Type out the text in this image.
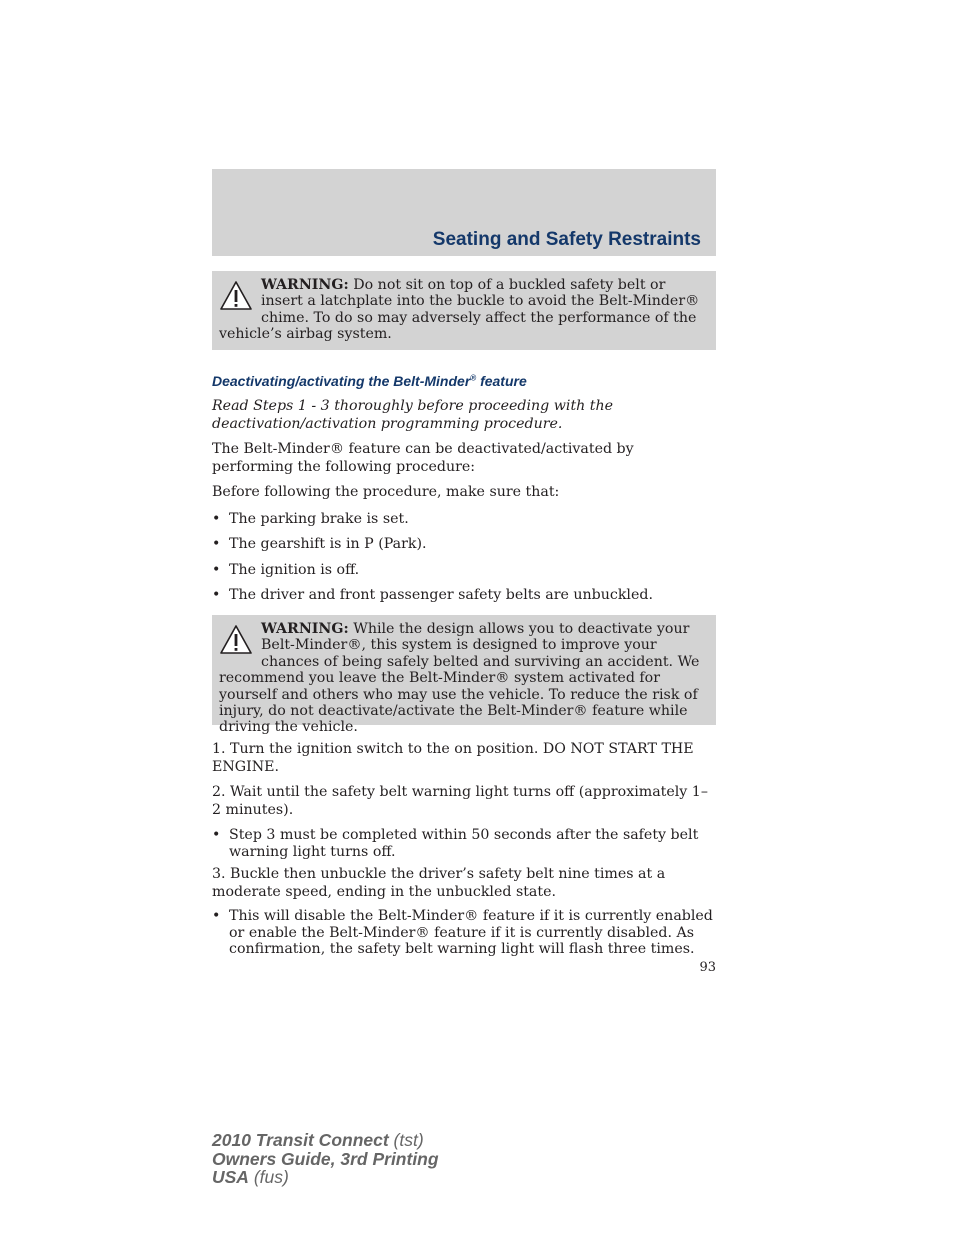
Seating and Safety Restraints
WARNING: Do not sit on top of a buckled safety belt or insert a latchplate into the buckle to avoid the Belt-Minder® chime. To do so may adversely affect the performance of the vehicle’s airbag system.
Deactivating/activating the Belt-Minder® feature

Read Steps 1 - 3 thoroughly before proceeding with the deactivation/activation programming procedure.

The Belt-Minder® feature can be deactivated/activated by performing the following procedure:

Before following the procedure, make sure that:

• The parking brake is set.

• The gearshift is in P (Park).

• The ignition is off.

• The driver and front passenger safety belts are unbuckled.

WARNING: While the design allows you to deactivate your Belt-Minder®, this system is designed to improve your chances of being safely belted and surviving an accident. We recommend you leave the Belt-Minder® system activated for yourself and others who may use the vehicle. To reduce the risk of injury, do not deactivate/activate the Belt-Minder® feature while driving the vehicle.

1. Turn the ignition switch to the on position. DO NOT START THE ENGINE.

2. Wait until the safety belt warning light turns off (approximately 1–2 minutes).

• Step 3 must be completed within 50 seconds after the safety belt warning light turns off.

3. Buckle then unbuckle the driver’s safety belt nine times at a moderate speed, ending in the unbuckled state.

• This will disable the Belt-Minder® feature if it is currently enabled or enable the Belt-Minder® feature if it is currently disabled. As confirmation, the safety belt warning light will flash three times.

93
2010 Transit Connect (tst)
Owners Guide, 3rd Printing
USA (fus)
